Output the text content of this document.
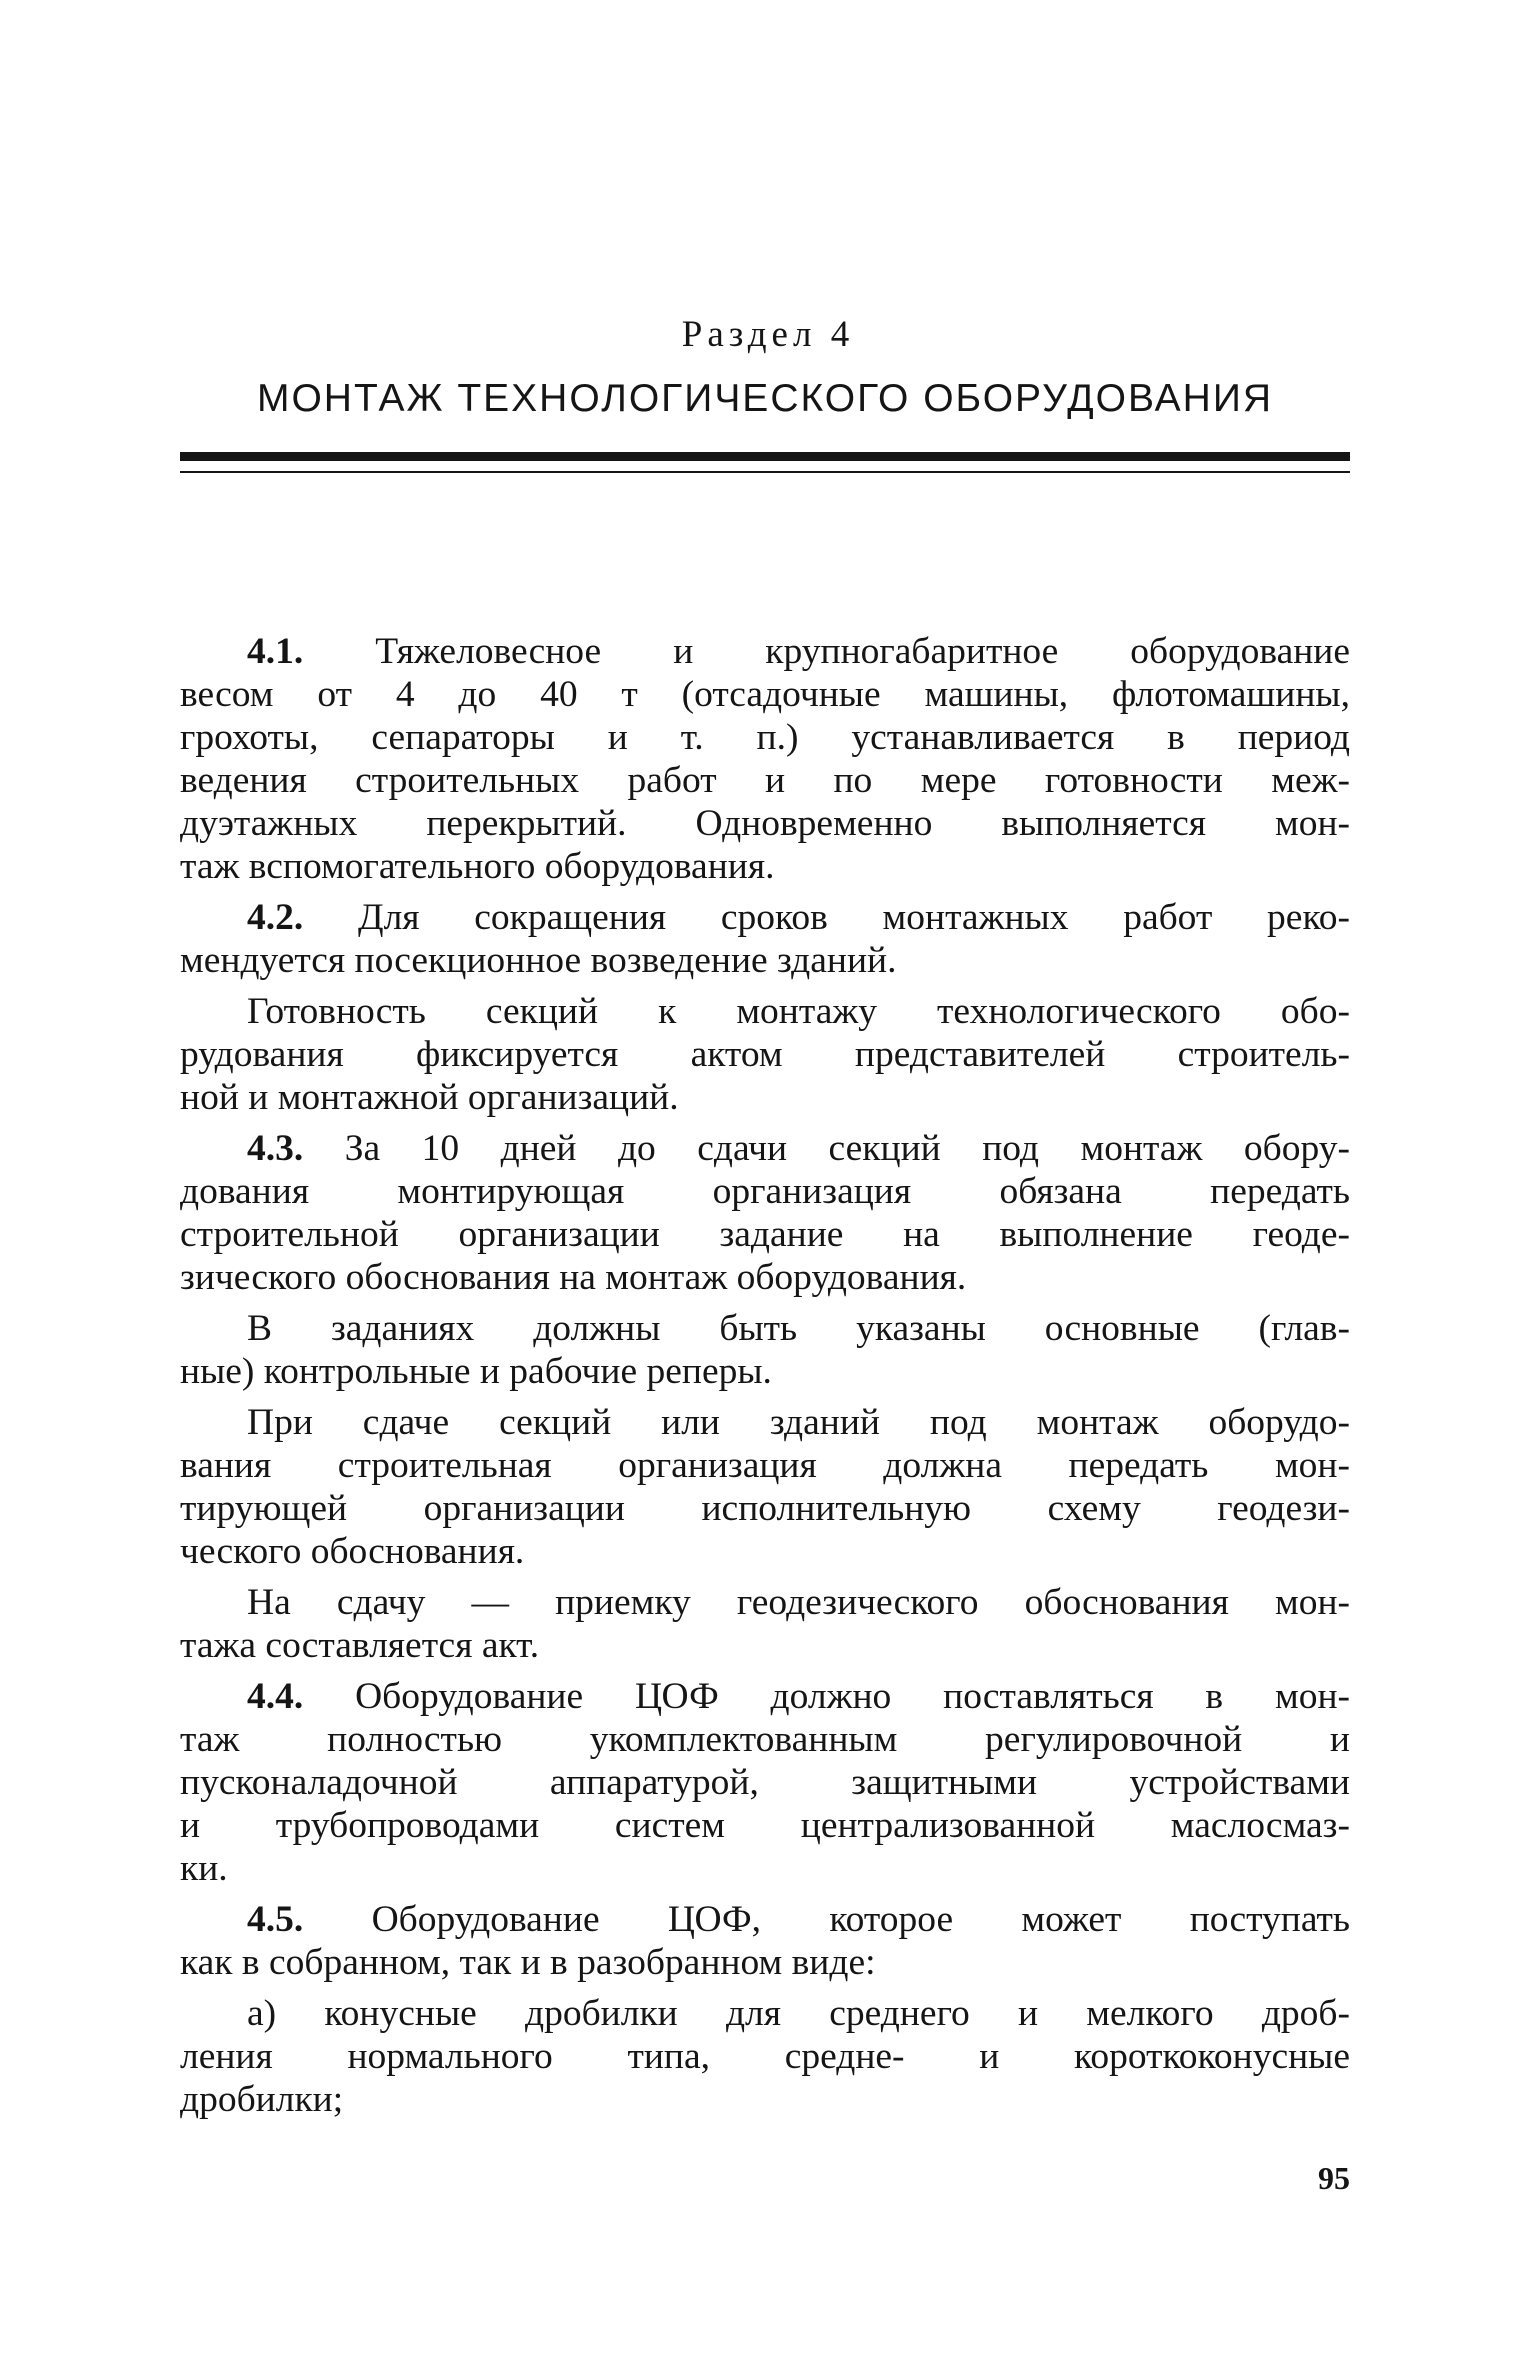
Раздел 4
МОНТАЖ ТЕХНОЛОГИЧЕСКОГО ОБОРУДОВАНИЯ
4.1. Тяжеловесное и крупногабаритное оборудование
весом от 4 до 40 т (отсадочные машины, флотомашины,
грохоты, сепараторы и т. п.) устанавливается в период
ведения строительных работ и по мере готовности меж-
дуэтажных перекрытий. Одновременно выполняется мон-
таж вспомогательного оборудования.
4.2. Для сокращения сроков монтажных работ реко-
мендуется посекционное возведение зданий.
Готовность секций к монтажу технологического обо-
рудования фиксируется актом представителей строитель-
ной и монтажной организаций.
4.3. За 10 дней до сдачи секций под монтаж обору-
дования монтирующая организация обязана передать
строительной организации задание на выполнение геоде-
зического обоснования на монтаж оборудования.
В заданиях должны быть указаны основные (глав-
ные) контрольные и рабочие реперы.
При сдаче секций или зданий под монтаж оборудо-
вания строительная организация должна передать мон-
тирующей организации исполнительную схему геодези-
ческого обоснования.
На сдачу — приемку геодезического обоснования мон-
тажа составляется акт.
4.4. Оборудование ЦОФ должно поставляться в мон-
таж полностью укомплектованным регулировочной и
пусконаладочной аппаратурой, защитными устройствами
и трубопроводами систем централизованной маслосмаз-
ки.
4.5. Оборудование ЦОФ, которое может поступать
как в собранном, так и в разобранном виде:
а) конусные дробилки для среднего и мелкого дроб-
ления нормального типа, средне- и короткоконусные
дробилки;
95
